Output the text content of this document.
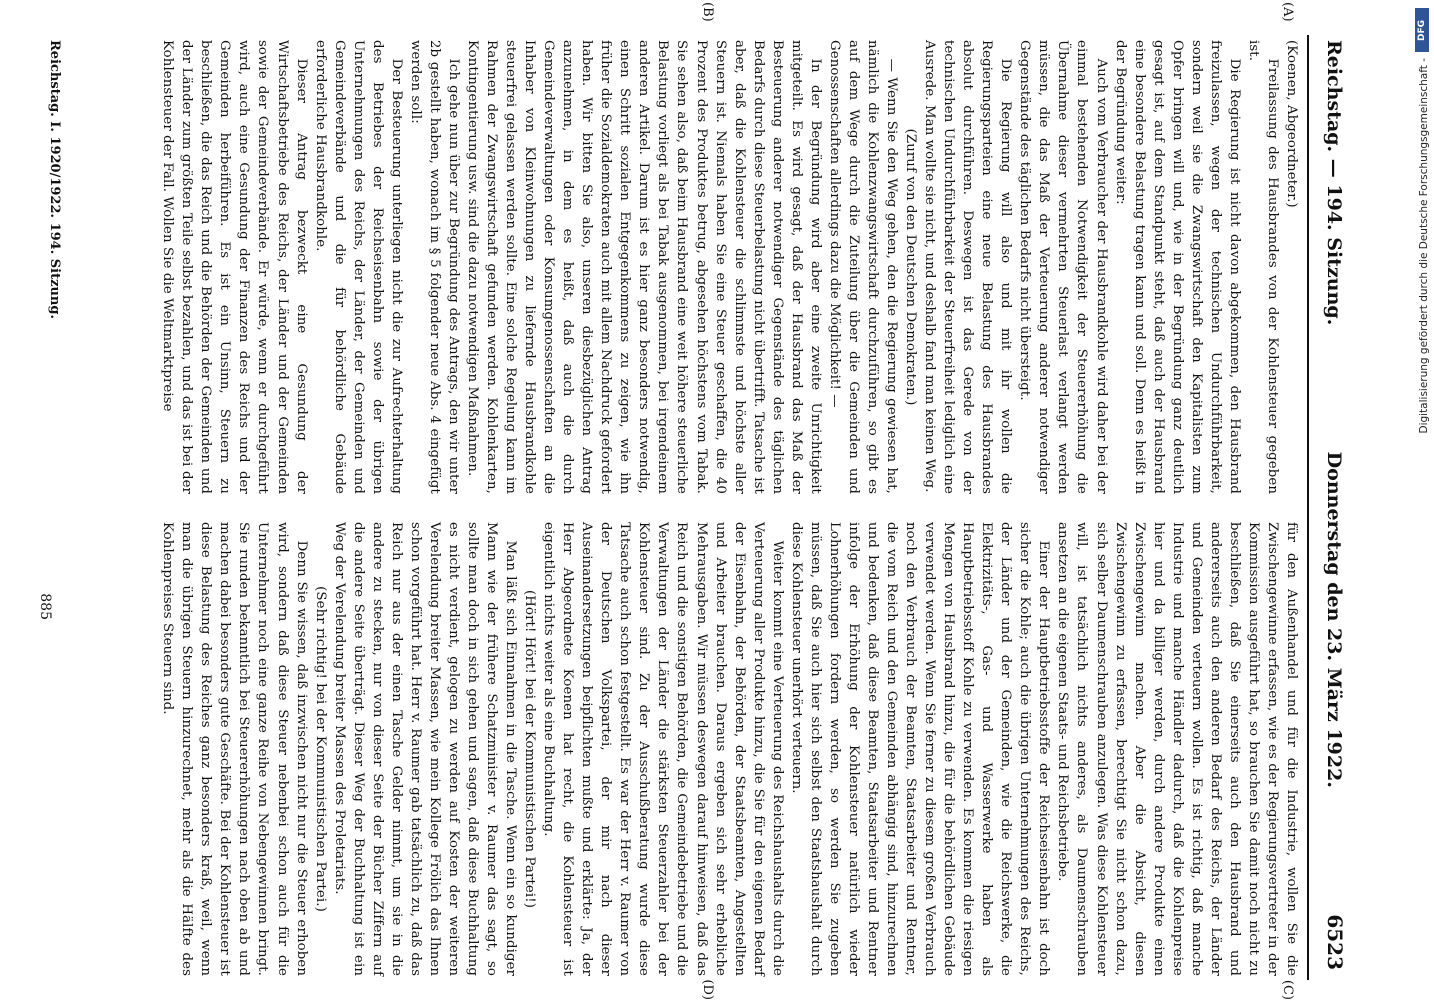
Reichstag. — 194. Sitzung.
Donnerstag den 23. März 1922.
6523

(Koenen, Abgeordneter.)

Freilassung des Hausbrandes von der Kohlensteuer gegeben ist.

Die Regierung ist nicht davon abgekommen, den Hausbrand freizulassen, wegen der technischen Undurchführbarkeit, sondern weil sie die Zwangswirtschaft den Kapitalisten zum Opfer bringen will und, wie in der Begründung ganz deutlich gesagt ist, auf dem Standpunkt steht, daß auch der Hausbrand eine besondere Belastung tragen kann und soll. Denn es heißt in der Begründung weiter:

Auch vom Verbraucher der Hausbrandkohle wird daher bei der einmal bestehenden Notwendigkeit der Steuererhöhung die Übernahme dieser vermehrten Steuerlast verlangt werden müssen, die das Maß der Verteuerung anderer notwendiger Gegenstände des täglichen Bedarfs nicht übersteigt.

Die Regierung will also und mit ihr wollen die Regierungsparteien eine neue Belastung des Hausbrandes absolut durchführen. Deswegen ist das Gerede von der technischen Undurchführbarkeit der Steuerfreiheit lediglich eine Ausrede. Man wollte sie nicht, und deshalb fand man keinen Weg.

(Zuruf von den Deutschen Demokraten.)

— Wenn Sie den Weg gehen, den die Regierung gewiesen hat, nämlich die Kohlenzwangswirtschaft durchzuführen, so gibt es auf dem Wege durch die Zuteilung über die Gemeinden und Genossenschaften allerdings dazu die Möglichkeit! —

In der Begründung wird aber eine zweite Unrichtigkeit mitgeteilt. Es wird gesagt, daß der Hausbrand das Maß der Besteuerung anderer notwendiger Gegenstände des täglichen Bedarfs durch diese Steuerbelastung nicht übertrifft. Tatsache ist aber, daß die Kohlensteuer die schlimmste und höchste aller Steuern ist. Niemals haben Sie eine Steuer geschaffen, die 40 Prozent des Produktes betrug, abgesehen höchstens vom Tabak. Sie sehen also, daß beim Hausbrand eine weit höhere steuerliche Belastung vorliegt als bei Tabak ausgenommen, bei irgendeinem anderen Artikel. Darum ist es hier ganz besonders notwendig, einen Schritt sozialen Entgegenkommens zu zeigen, wie ihn früher die Sozialdemokraten auch mit allem Nachdruck gefordert haben. Wir bitten Sie also, unseren diesbezüglichen Antrag anzunehmen, in dem es heißt, daß auch die durch Gemeindeverwaltungen oder Konsumgenossenschaften an die Inhaber von Kleinwohnungen zu liefernde Hausbrandkohle steuerfrei gelassen werden sollte. Eine solche Regelung kann im Rahmen der Zwangswirtschaft gefunden werden. Kohlenkarten, Kontingentierung usw. sind die dazu notwendigen Maßnahmen.

Ich gehe nun über zur Begründung des Antrags, den wir unter 2b gestellt haben, wonach im § 5 folgender neue Abs. 4 eingefügt werden soll:

Der Besteuerung unterliegen nicht die zur Aufrechterhaltung des Betriebes der Reichseisenbahn sowie der übrigen Unternehmungen des Reichs, der Länder, der Gemeinden und Gemeindeverbände und die für behördliche Gebäude erforderliche Hausbrandkohle.

Dieser Antrag bezweckt eine Gesundung der Wirtschaftsbetriebe des Reichs, der Länder und der Gemeinden sowie der Gemeindeverbände. Er würde, wenn er durchgeführt wird, auch eine Gesundung der Finanzen des Reichs und der Gemeinden herbeiführen. Es ist ein Unsinn, Steuern zu beschließen, die das Reich und die Behörden der Gemeinden und der Länder zum größten Teile selbst bezahlen, und das ist bei der Kohlensteuer der Fall. Wollen Sie die Weltmarktpreise

für den Außenhandel und für die Industrie, wollen Sie die Zwischengewinne erfassen, wie es der Regierungsvertreter in der Kommission ausgeführt hat, so brauchen Sie damit noch nicht zu beschließen, daß Sie einerseits auch den Hausbrand und andererseits auch den anderen Bedarf des Reichs, der Länder und Gemeinden verteuern wollen. Es ist richtig, daß manche Industrie und manche Händler dadurch, daß die Kohlenpreise hier und da billiger werden, durch andere Produkte einen Zwischengewinn machen. Aber die Absicht, diesen Zwischengewinn zu erfassen, berechtigt Sie nicht schon dazu, sich selber Daumenschrauben anzulegen. Was diese Kohlensteuer will, ist tatsächlich nichts anderes, als Daumenschrauben ansetzen an die eigenen Staats- und Reichsbetriebe.

Einer der Hauptbetriebsstoffe der Reichseisenbahn ist doch sicher die Kohle; auch die übrigen Unternehmungen des Reichs, der Länder und der Gemeinden, wie die Reichswerke, die Elektrizitäts-, Gas- und Wasserwerke haben als Hauptbetriebsstoff Kohle zu verwenden. Es kommen die riesigen Mengen von Hausbrand hinzu, die für die behördlichen Gebäude verwendet werden. Wenn Sie ferner zu diesem großen Verbrauch noch den Verbrauch der Beamten, Staatsarbeiter und Rentner, die vom Reich und den Gemeinden abhängig sind, hinzurechnen und bedenken, daß diese Beamten, Staatsarbeiter und Rentner infolge der Erhöhung der Kohlensteuer natürlich wieder Lohnerhöhungen fordern werden, so werden Sie zugeben müssen, daß Sie auch hier sich selbst den Staatshaushalt durch diese Kohlensteuer unerhört verteuern.

Weiter kommt eine Verteuerung des Reichshaushalts durch die Verteuerung aller Produkte hinzu, die Sie für den eigenen Bedarf der Eisenbahn, der Behörden, der Staatsbeamten, Angestellten und Arbeiter brauchen. Daraus ergeben sich sehr erhebliche Mehrausgaben. Wir müssen deswegen darauf hinweisen, daß das Reich und die sonstigen Behörden, die Gemeindebetriebe und die Verwaltungen der Länder die stärksten Steuerzahler bei der Kohlensteuer sind. Zu der Ausschußberatung wurde diese Tatsache auch schon festgestellt. Es war der Herr v. Raumer von der Deutschen Volkspartei, der mir nach dieser Auseinandersetzungen beipflichten mußte und erklärte: Ja, der Herr Abgeordnete Koenen hat recht, die Kohlensteuer ist eigentlich nichts weiter als eine Buchhaltung.

(Hört! Hört! bei der Kommunistischen Partei!)

Man läßt sich Einnahmen in die Tasche. Wenn ein so kundiger Mann wie der frühere Schatzminister v. Raumer das sagt, so sollte man doch in sich gehen und sagen, daß diese Buchhaltung es nicht verdient, gelogen zu werden auf Kosten der weiteren Verelendung breiter Massen, wie mein Kollege Frölich das Ihnen schon vorgeführt hat. Herr v. Raumer gab tatsächlich zu, daß das Reich nur aus der einen Tasche Gelder nimmt, um sie in die andere zu stecken, nur von dieser Seite der Bücher Ziffern auf die andere Seite überträgt. Dieser Weg der Buchhaltung ist ein Weg der Verelendung breiter Massen des Proletariats.

(Sehr richtig! bei der Kommunistischen Partei.)

Denn Sie wissen, daß inzwischen nicht nur die Steuer erhoben wird, sondern daß diese Steuer nebenbei schon auch für die Unternehmer noch eine ganze Reihe von Nebengewinnen bringt. Sie runden bekanntlich bei Steuererhöhungen nach oben ab und machen dabei besonders gute Geschäfte. Bei der Kohlensteuer ist diese Belastung des Reiches ganz besonders kraß, weil, wenn man die übrigen Steuern hinzurechnet, mehr als die Hälfte des Kohlenpreises Steuern sind.

(A)
(B)
(C)
(D)
Reichstag. I. 1920/1922. 194. Sitzung.
885
DFG
Digitalisierung gefördert durch die Deutsche Forschungsgemeinschaft -
